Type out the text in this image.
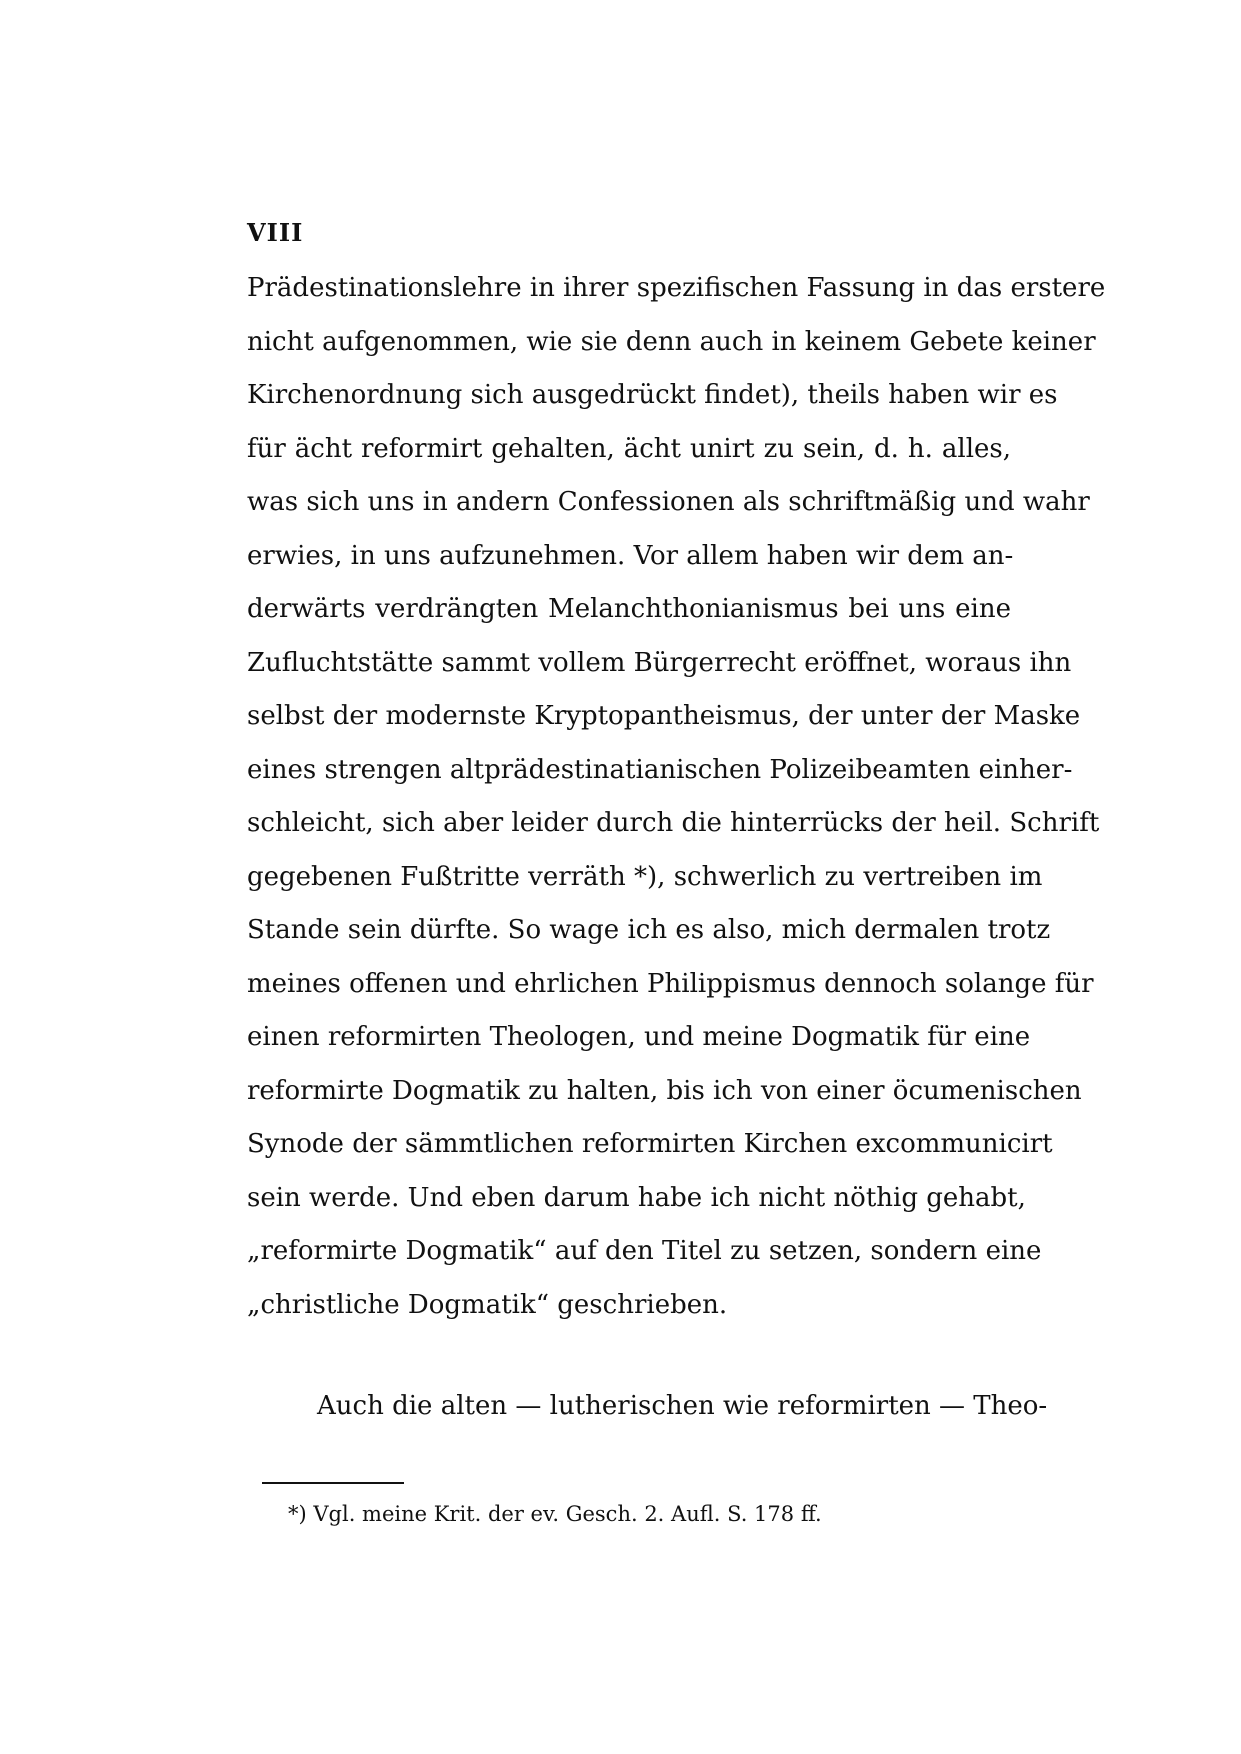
VIII
Prädestinationslehre in ihrer spezifischen Fassung in das erstere
nicht aufgenommen, wie sie denn auch in keinem Gebete keiner
Kirchenordnung sich ausgedrückt findet), theils haben wir es
für ächt reformirt gehalten, ächt unirt zu sein, d. h. alles,
was sich uns in andern Confessionen als schriftmäßig und wahr
erwies, in uns aufzunehmen. Vor allem haben wir dem an-
derwärts verdrängten Melanchthonianismus bei uns eine
Zufluchtstätte sammt vollem Bürgerrecht eröffnet, woraus ihn
selbst der modernste Kryptopantheismus, der unter der Maske
eines strengen altprädestinatianischen Polizeibeamten einher-
schleicht, sich aber leider durch die hinterrücks der heil. Schrift
gegebenen Fußtritte verräth *), schwerlich zu vertreiben im
Stande sein dürfte. So wage ich es also, mich dermalen trotz
meines offenen und ehrlichen Philippismus dennoch solange für
einen reformirten Theologen, und meine Dogmatik für eine
reformirte Dogmatik zu halten, bis ich von einer öcumenischen
Synode der sämmtlichen reformirten Kirchen excommunicirt
sein werde. Und eben darum habe ich nicht nöthig gehabt,
„reformirte Dogmatik“ auf den Titel zu setzen, sondern eine
„christliche Dogmatik“ geschrieben.
Auch die alten — lutherischen wie reformirten — Theo-
*) Vgl. meine Krit. der ev. Gesch. 2. Aufl. S. 178 ff.
